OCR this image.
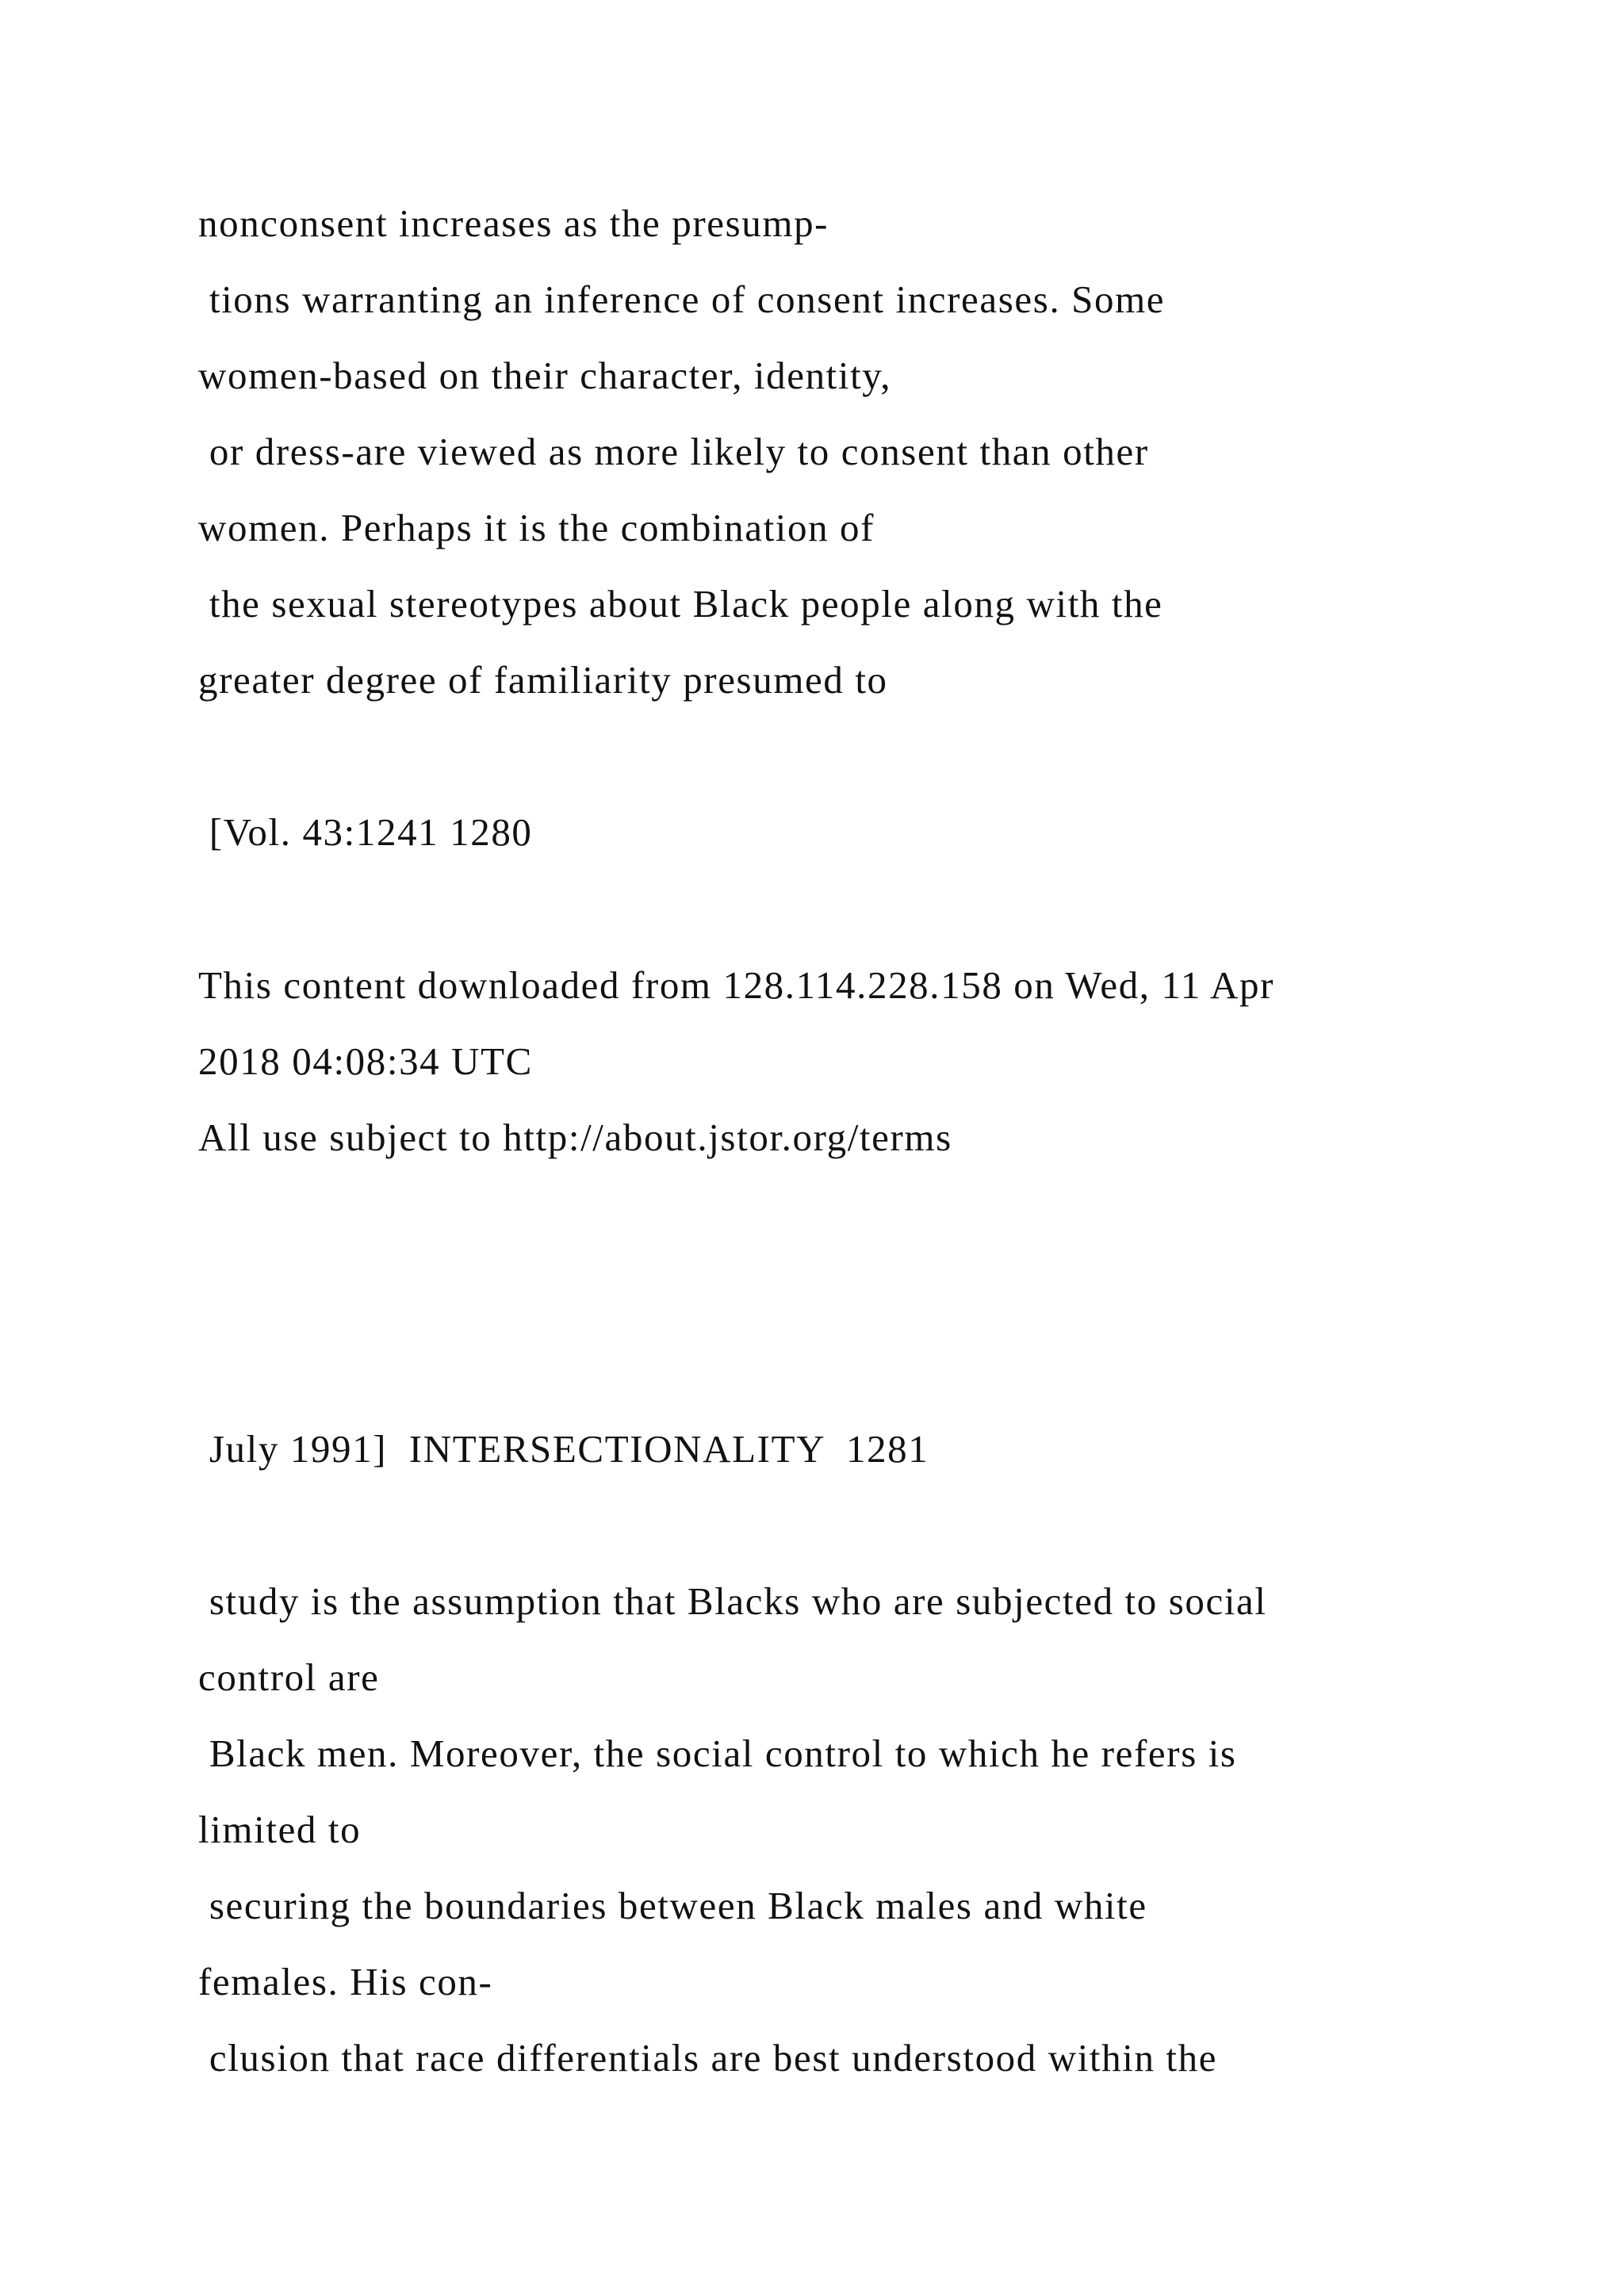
nonconsent increases as the presump-
tions warranting an inference of consent increases. Some
women-based on their character, identity,
or dress-are viewed as more likely to consent than other
women. Perhaps it is the combination of
the sexual stereotypes about Black people along with the
greater degree of familiarity presumed to
[Vol. 43:1241 1280
This content downloaded from 128.114.228.158 on Wed, 11 Apr
2018 04:08:34 UTC
All use subject to http://about.jstor.org/terms
July 1991]  INTERSECTIONALITY  1281
study is the assumption that Blacks who are subjected to social
control are
Black men. Moreover, the social control to which he refers is
limited to
securing the boundaries between Black males and white
females. His con-
clusion that race differentials are best understood within the
